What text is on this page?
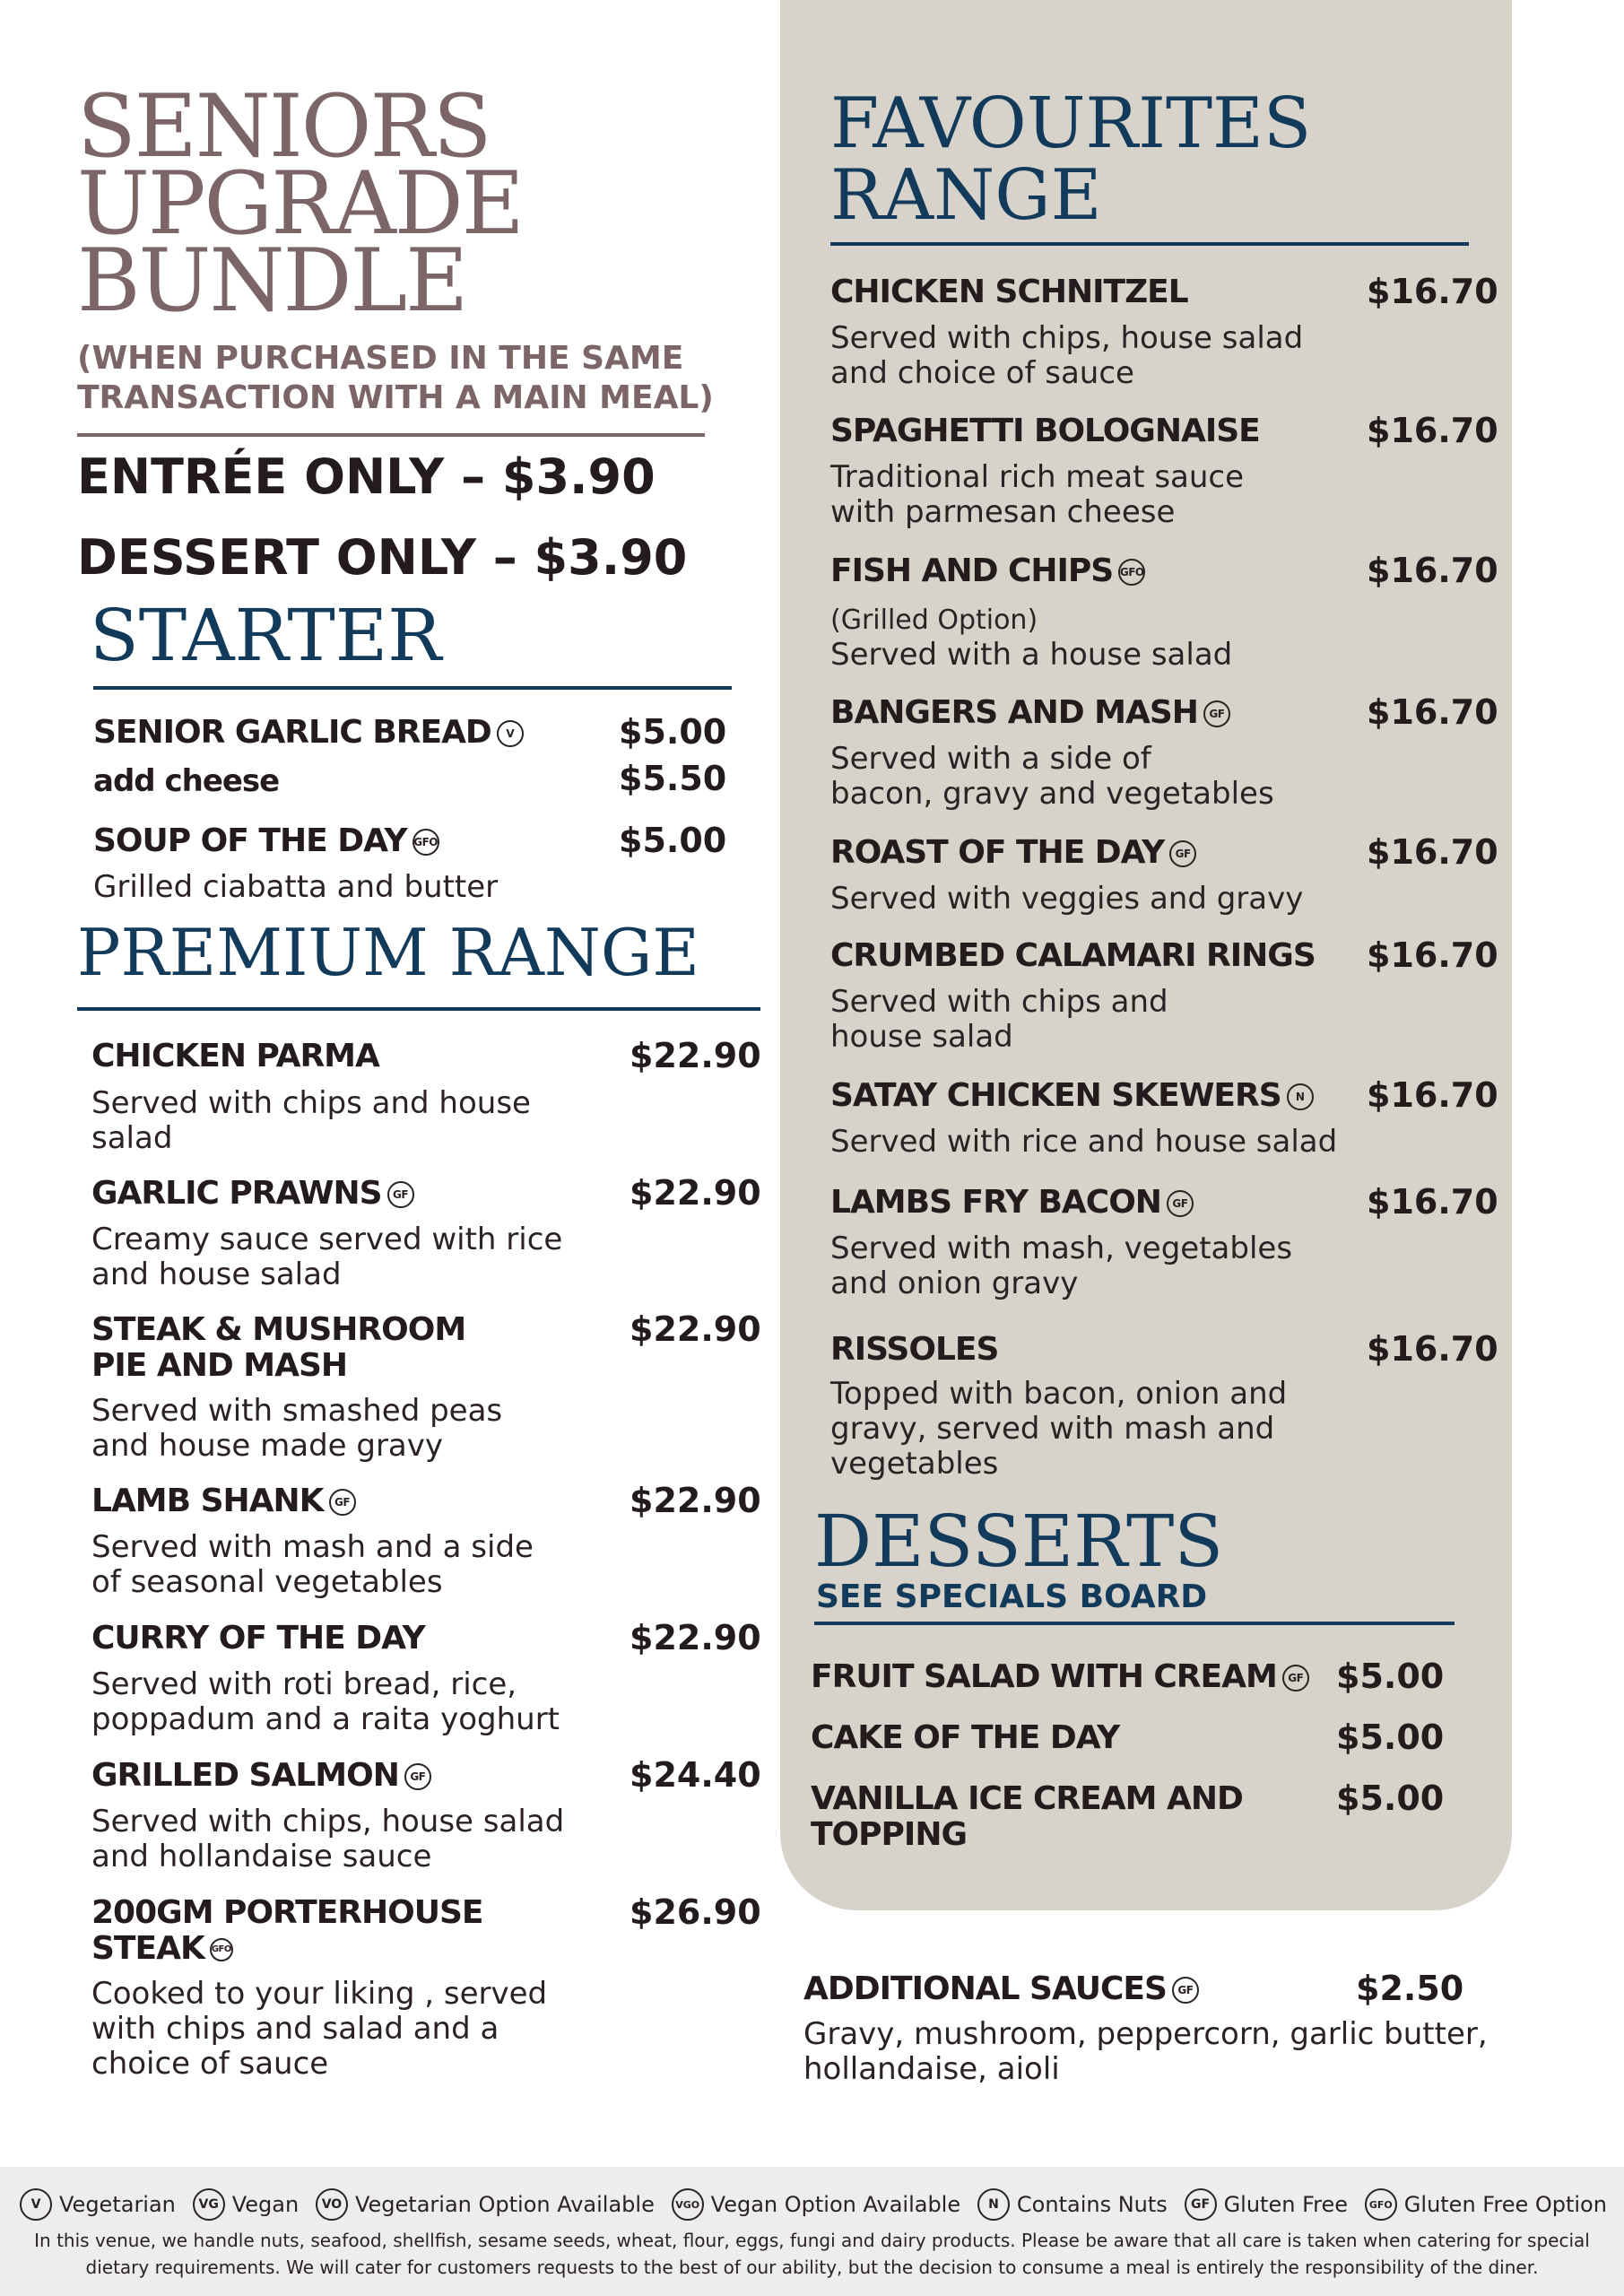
SENIORS
UPGRADE
BUNDLE
(WHEN PURCHASED IN THE SAME
TRANSACTION WITH A MAIN MEAL)
ENTRÉE ONLY – $3.90
DESSERT ONLY – $3.90
STARTER
SENIOR GARLIC BREAD V	$5.00
add cheese	$5.50
SOUP OF THE DAY GFO	$5.00
Grilled ciabatta and butter
PREMIUM RANGE
CHICKEN PARMA	$22.90
Served with chips and house
salad
GARLIC PRAWNS GF	$22.90
Creamy sauce served with rice
and house salad
STEAK & MUSHROOM
PIE AND MASH
$22.90
Served with smashed peas
and house made gravy
LAMB SHANK GF	$22.90
Served with mash and a side
of seasonal vegetables
CURRY OF THE DAY	$22.90
Served with roti bread, rice,
poppadum and a raita yoghurt
GRILLED SALMON GF	$24.40
Served with chips, house salad
and hollandaise sauce
200GM PORTERHOUSE
STEAK GFO
$26.90
Cooked to your liking , served
with chips and salad and a
choice of sauce
FAVOURITES
RANGE
CHICKEN SCHNITZEL	$16.70
Served with chips, house salad
and choice of sauce
SPAGHETTI BOLOGNAISE	$16.70
Traditional rich meat sauce
with parmesan cheese
FISH AND CHIPS GFO	$16.70
(Grilled Option)
Served with a house salad
BANGERS AND MASH GF	$16.70
Served with a side of
bacon, gravy and vegetables
ROAST OF THE DAY GF	$16.70
Served with veggies and gravy
CRUMBED CALAMARI RINGS	$16.70
Served with chips and
house salad
SATAY CHICKEN SKEWERS N	$16.70
Served with rice and house salad
LAMBS FRY BACON GF	$16.70
Served with mash, vegetables
and onion gravy
RISSOLES	$16.70
Topped with bacon, onion and
gravy, served with mash and
vegetables
DESSERTS
SEE SPECIALS BOARD
FRUIT SALAD WITH CREAM GF $5.00
CAKE OF THE DAY	$5.00
VANILLA ICE CREAM AND
TOPPING
$5.00
ADDITIONAL SAUCES GF	$2.50
Gravy, mushroom, peppercorn, garlic butter,
hollandaise, aioli
V Vegetarian	VG Vegan	VO Vegetarian Option Available	VGO Vegan Option Available	N Contains Nuts	GF Gluten Free	GFO Gluten Free Option
In this venue, we handle nuts, seafood, shellfish, sesame seeds, wheat, flour, eggs, fungi and dairy products. Please be aware that all care is taken when catering for special
dietary requirements. We will cater for customers requests to the best of our ability, but the decision to consume a meal is entirely the responsibility of the diner.
